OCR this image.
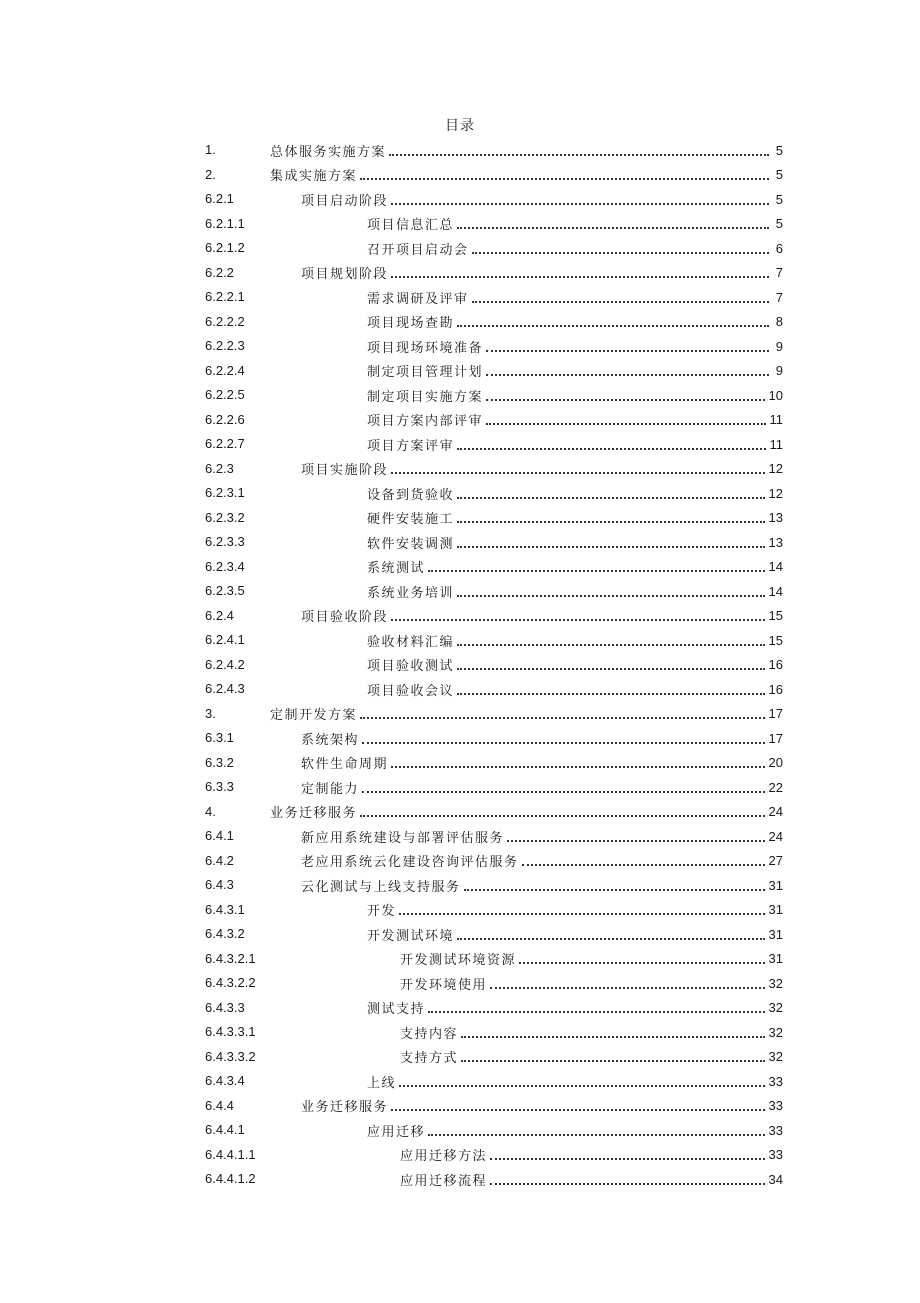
目录
1.	总体服务实施方案	5
2.	集成实施方案	5
6.2.1	项目启动阶段	5
6.2.1.1	项目信息汇总	5
6.2.1.2	召开项目启动会	6
6.2.2	项目规划阶段	7
6.2.2.1	需求调研及评审	7
6.2.2.2	项目现场查勘	8
6.2.2.3	项目现场环境准备	9
6.2.2.4	制定项目管理计划	9
6.2.2.5	制定项目实施方案	10
6.2.2.6	项目方案内部评审	11
6.2.2.7	项目方案评审	11
6.2.3	项目实施阶段	12
6.2.3.1	设备到货验收	12
6.2.3.2	硬件安装施工	13
6.2.3.3	软件安装调测	13
6.2.3.4	系统测试	14
6.2.3.5	系统业务培训	14
6.2.4	项目验收阶段	15
6.2.4.1	验收材料汇编	15
6.2.4.2	项目验收测试	16
6.2.4.3	项目验收会议	16
3.	定制开发方案	17
6.3.1	系统架构	17
6.3.2	软件生命周期	20
6.3.3	定制能力	22
4.	业务迁移服务	24
6.4.1	新应用系统建设与部署评估服务	24
6.4.2	老应用系统云化建设咨询评估服务	27
6.4.3	云化测试与上线支持服务	31
6.4.3.1	开发	31
6.4.3.2	开发测试环境	31
6.4.3.2.1	开发测试环境资源	31
6.4.3.2.2	开发环境使用	32
6.4.3.3	测试支持	32
6.4.3.3.1	支持内容	32
6.4.3.3.2	支持方式	32
6.4.3.4	上线	33
6.4.4	业务迁移服务	33
6.4.4.1	应用迁移	33
6.4.4.1.1	应用迁移方法	33
6.4.4.1.2	应用迁移流程	34
